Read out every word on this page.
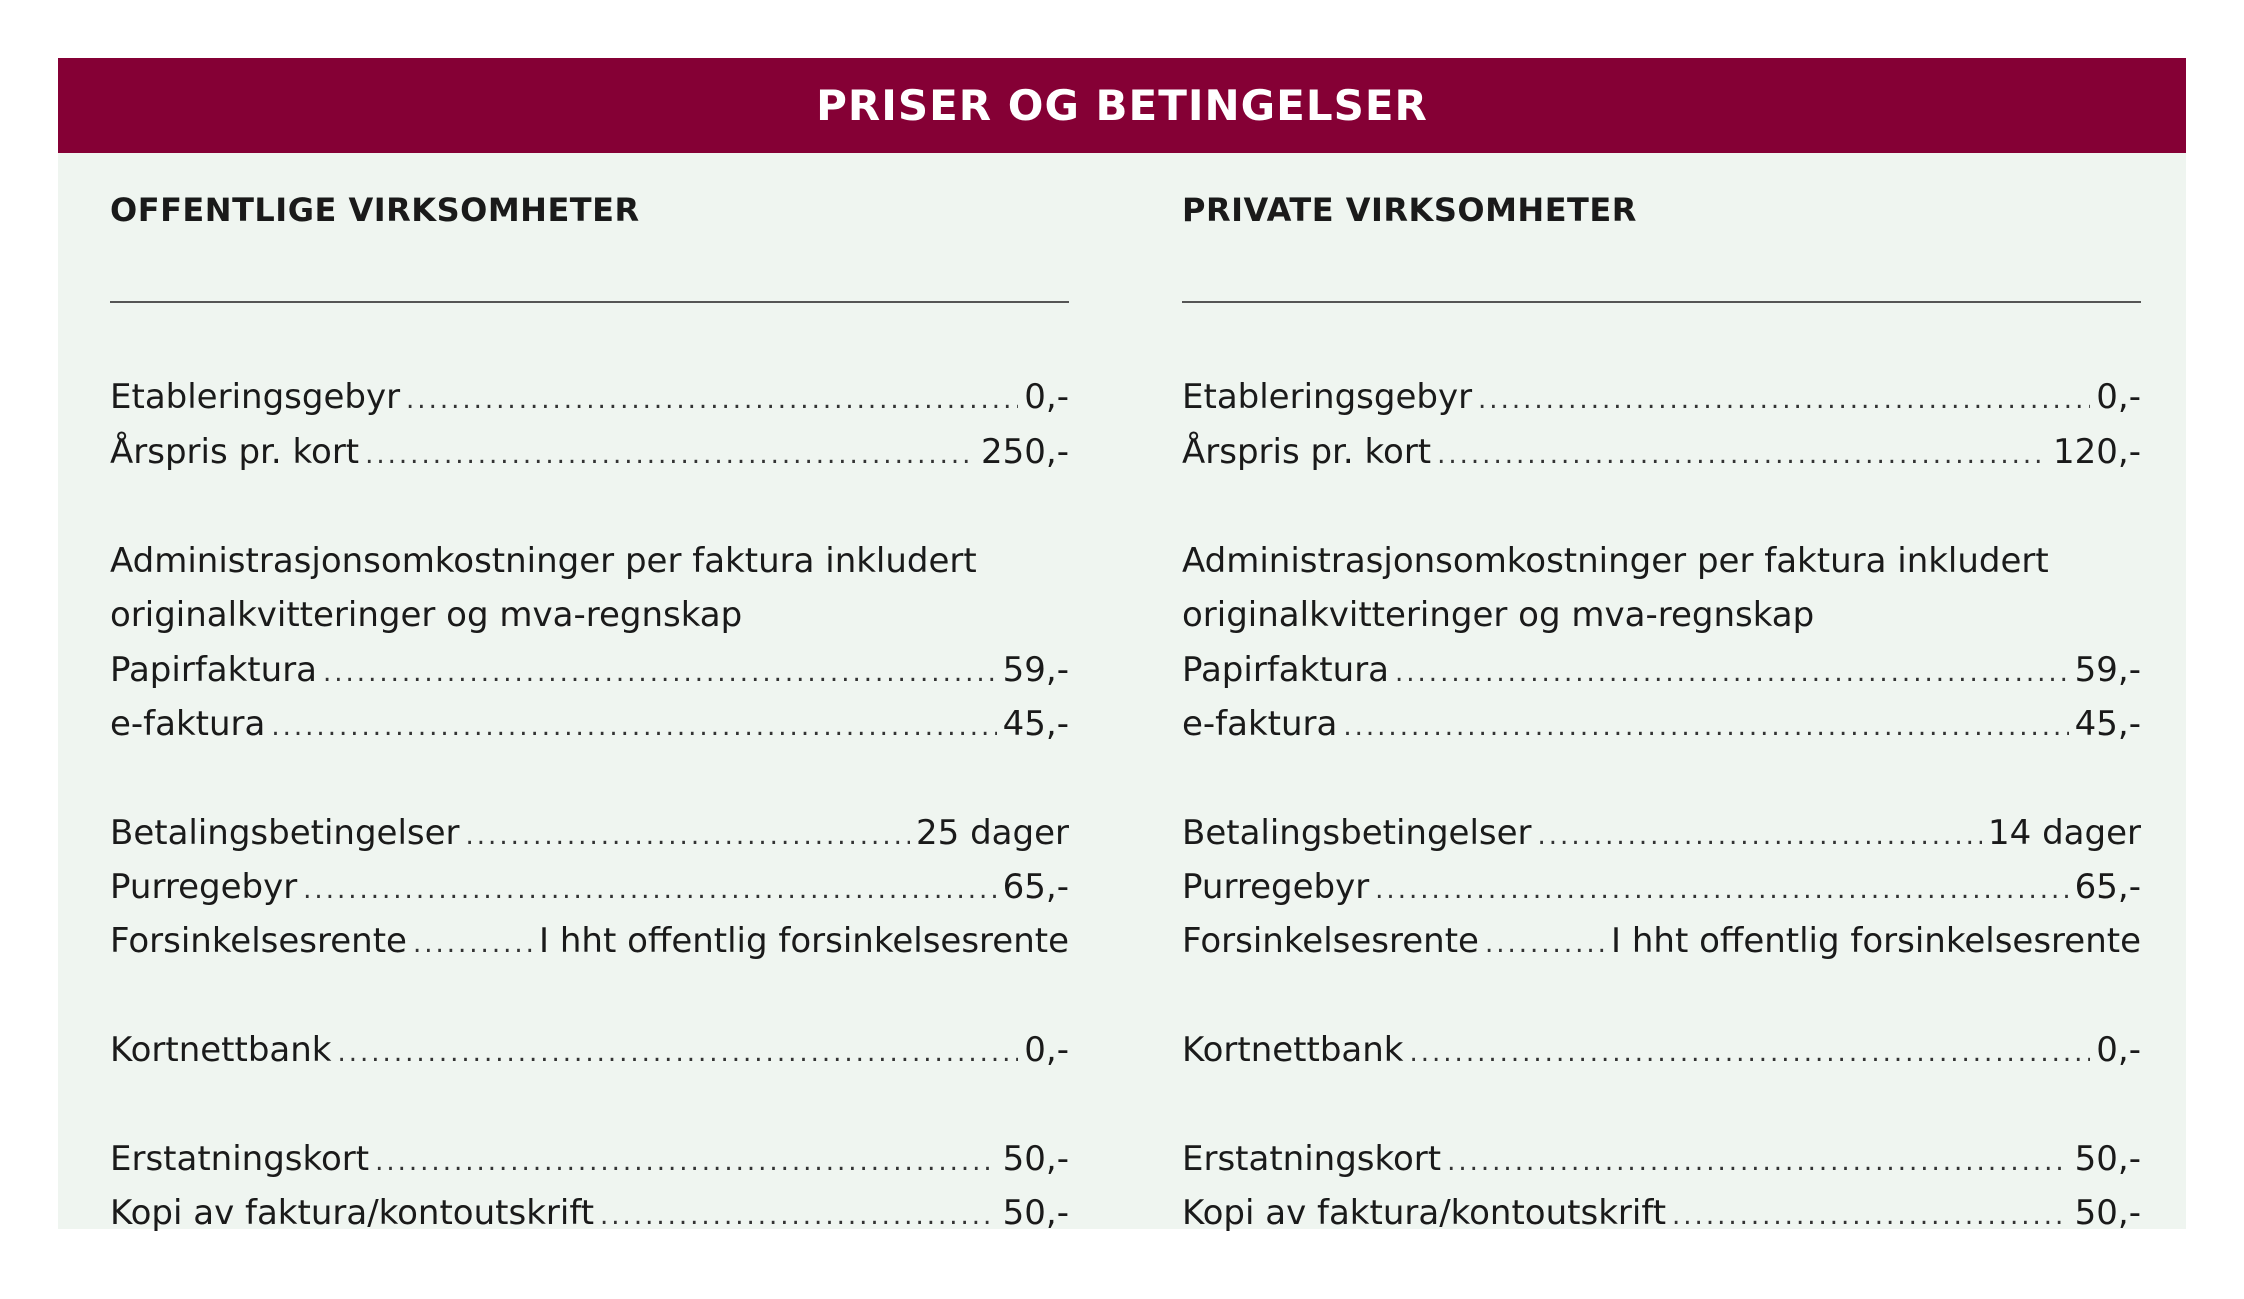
PRISER OG BETINGELSER
OFFENTLIGE VIRKSOMHETER
Etableringsgebyr .....	0,-
Årspris pr. kort .....	250,-
Administrasjonsomkostninger per faktura inkludert
originalkvitteringer og mva-regnskap
Papirfaktura .....	59,-
e-faktura .....	45,-
Betalingsbetingelser .....	25 dager
Purregebyr .....	65,-
Forsinkelsesrente .....	I hht offentlig forsinkelsesrente
Kortnettbank .....	0,-
Erstatningskort .....	50,-
Kopi av faktura/kontoutskrift .....	50,-
PRIVATE VIRKSOMHETER
Etableringsgebyr .....	0,-
Årspris pr. kort .....	120,-
Administrasjonsomkostninger per faktura inkludert
originalkvitteringer og mva-regnskap
Papirfaktura .....	59,-
e-faktura .....	45,-
Betalingsbetingelser .....	14 dager
Purregebyr .....	65,-
Forsinkelsesrente .....	I hht offentlig forsinkelsesrente
Kortnettbank .....	0,-
Erstatningskort .....	50,-
Kopi av faktura/kontoutskrift .....	50,-
